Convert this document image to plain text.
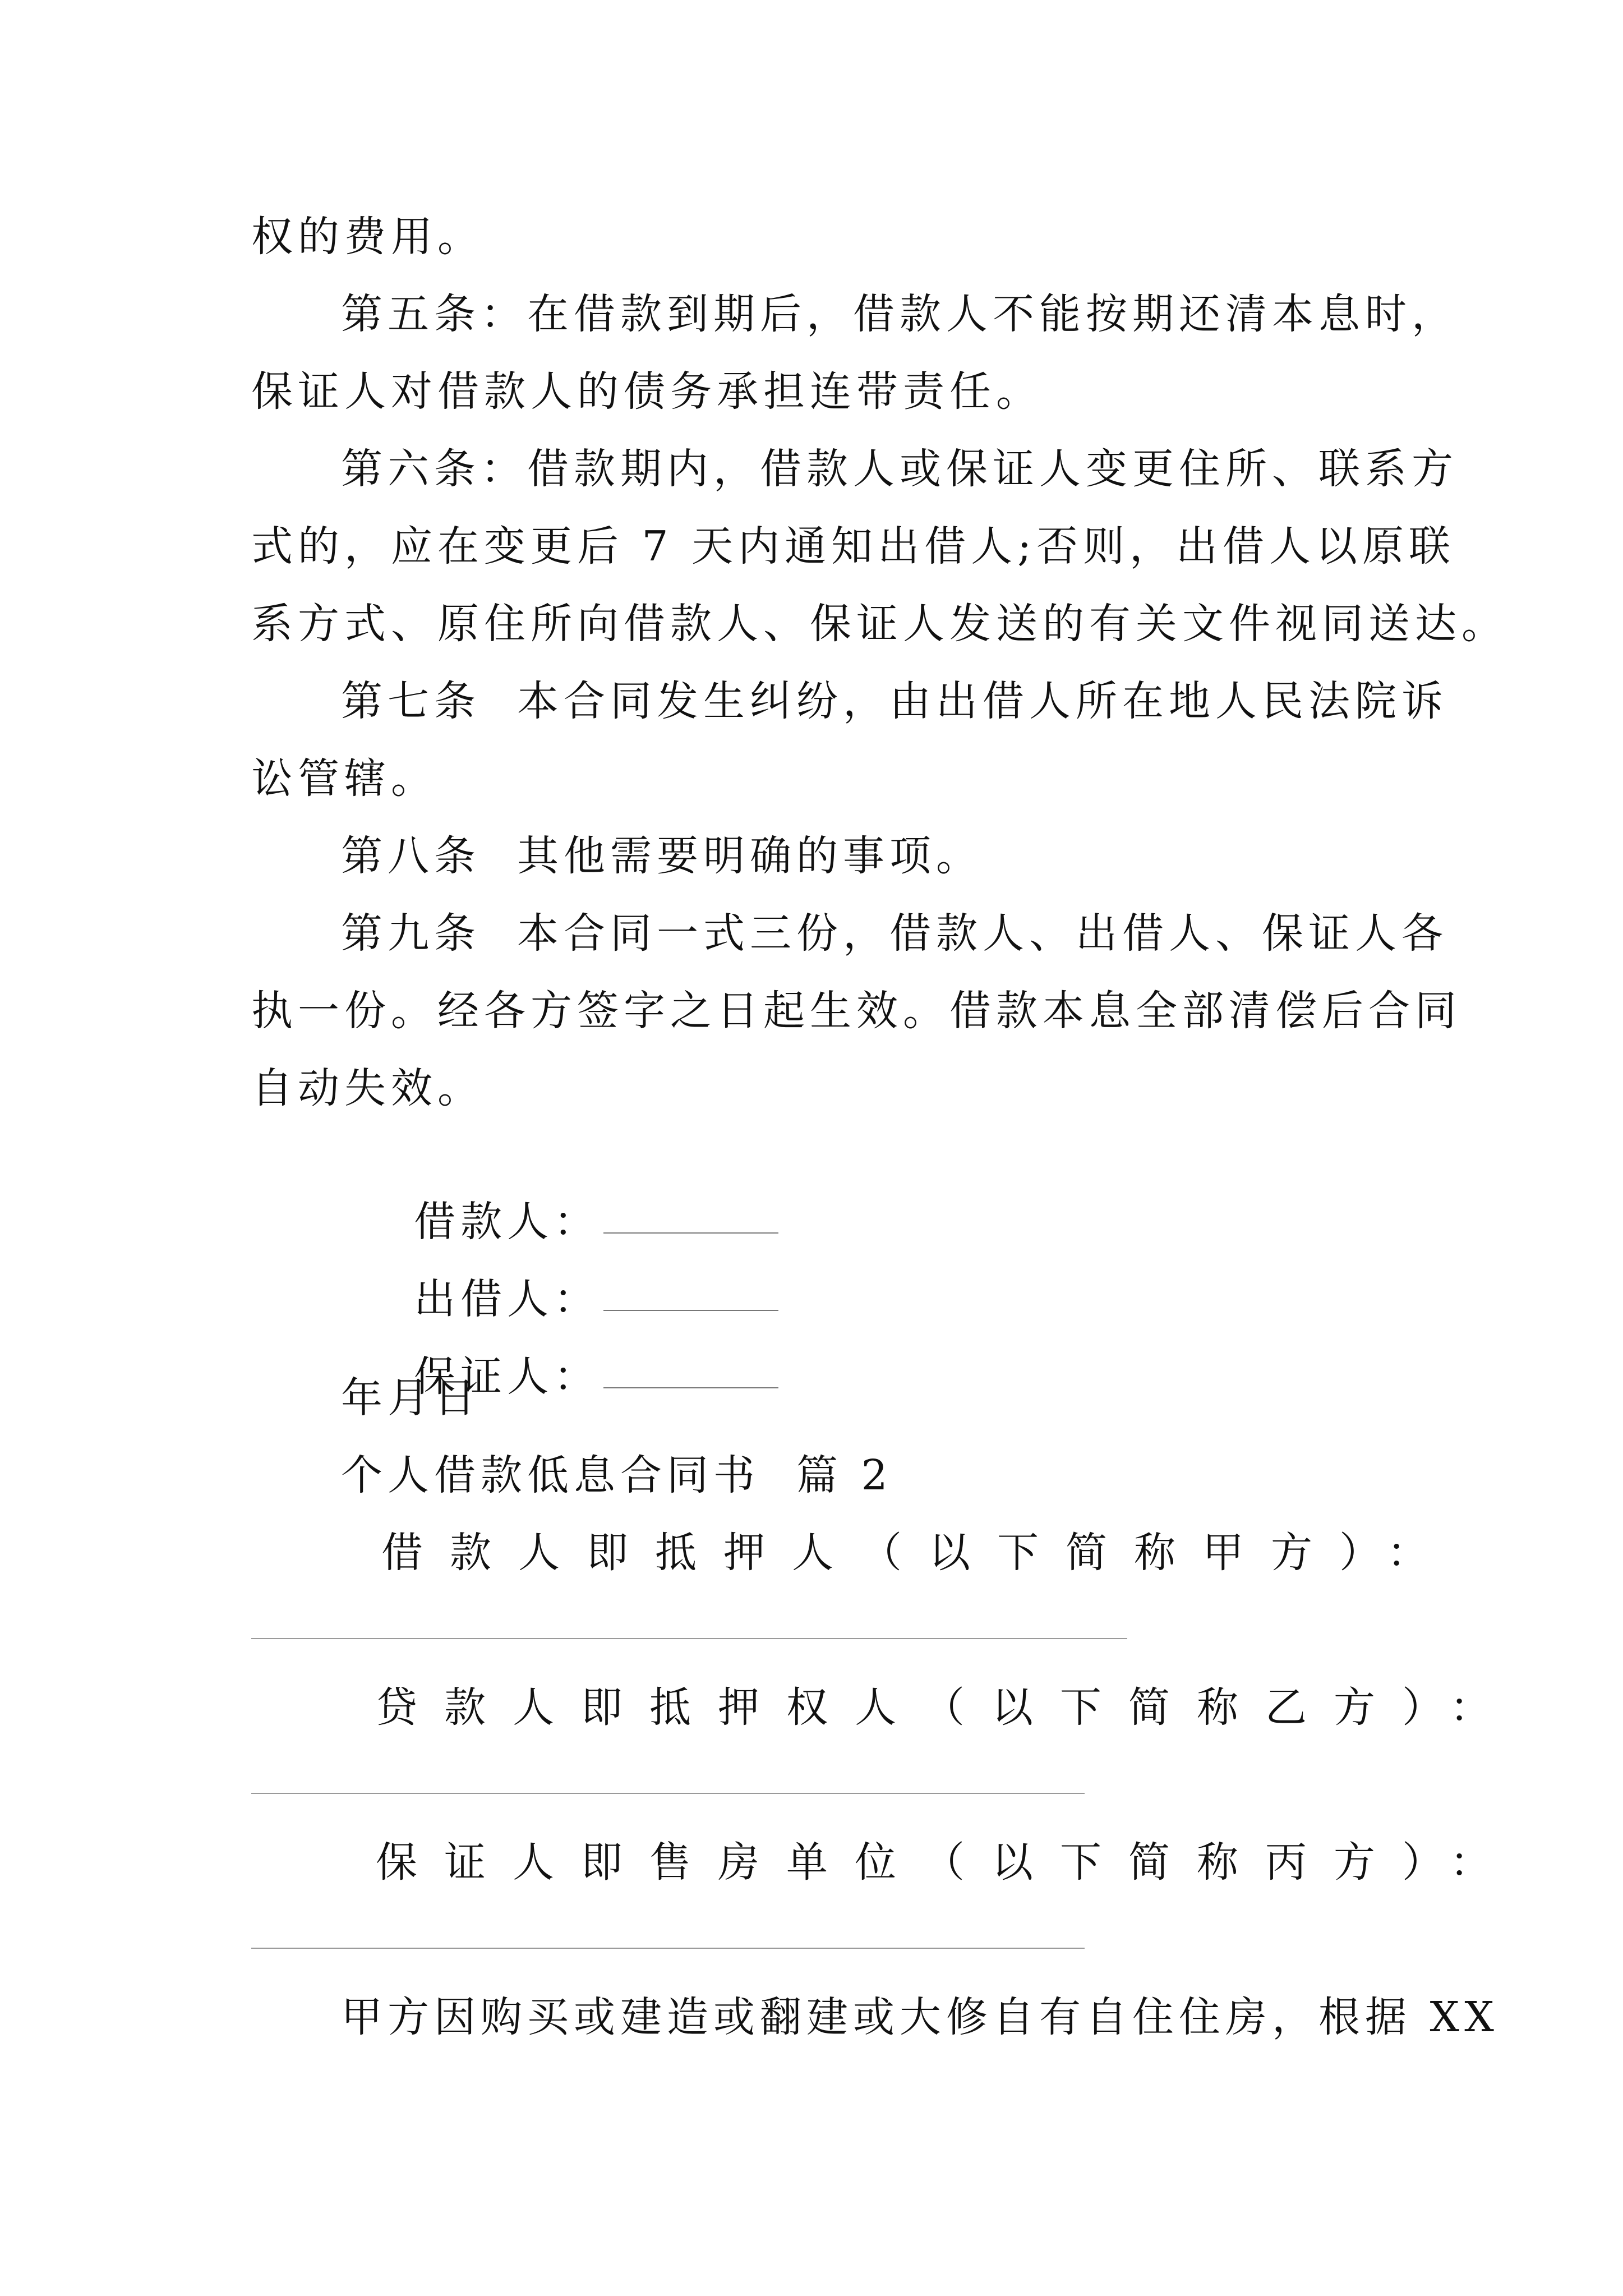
权的费用。
第五条：在借款到期后，借款人不能按期还清本息时，
保证人对借款人的债务承担连带责任。
第六条：借款期内，借款人或保证人变更住所、联系方
式的，应在变更后 7 天内通知出借人;否则，出借人以原联
系方式、原住所向借款人、保证人发送的有关文件视同送达。
第七条  本合同发生纠纷，由出借人所在地人民法院诉
讼管辖。
第八条  其他需要明确的事项。
第九条  本合同一式三份，借款人、出借人、保证人各
执一份。经各方签字之日起生效。借款本息全部清偿后合同
自动失效。

借款人：

出借人：

保证人：

年月日
个人借款低息合同书  篇 2
借款人即抵押人（以下简称甲方）：
贷款人即抵押权人（以下简称乙方）：
保证人即售房单位（以下简称丙方）：
甲方因购买或建造或翻建或大修自有自住住房，根据 XX
